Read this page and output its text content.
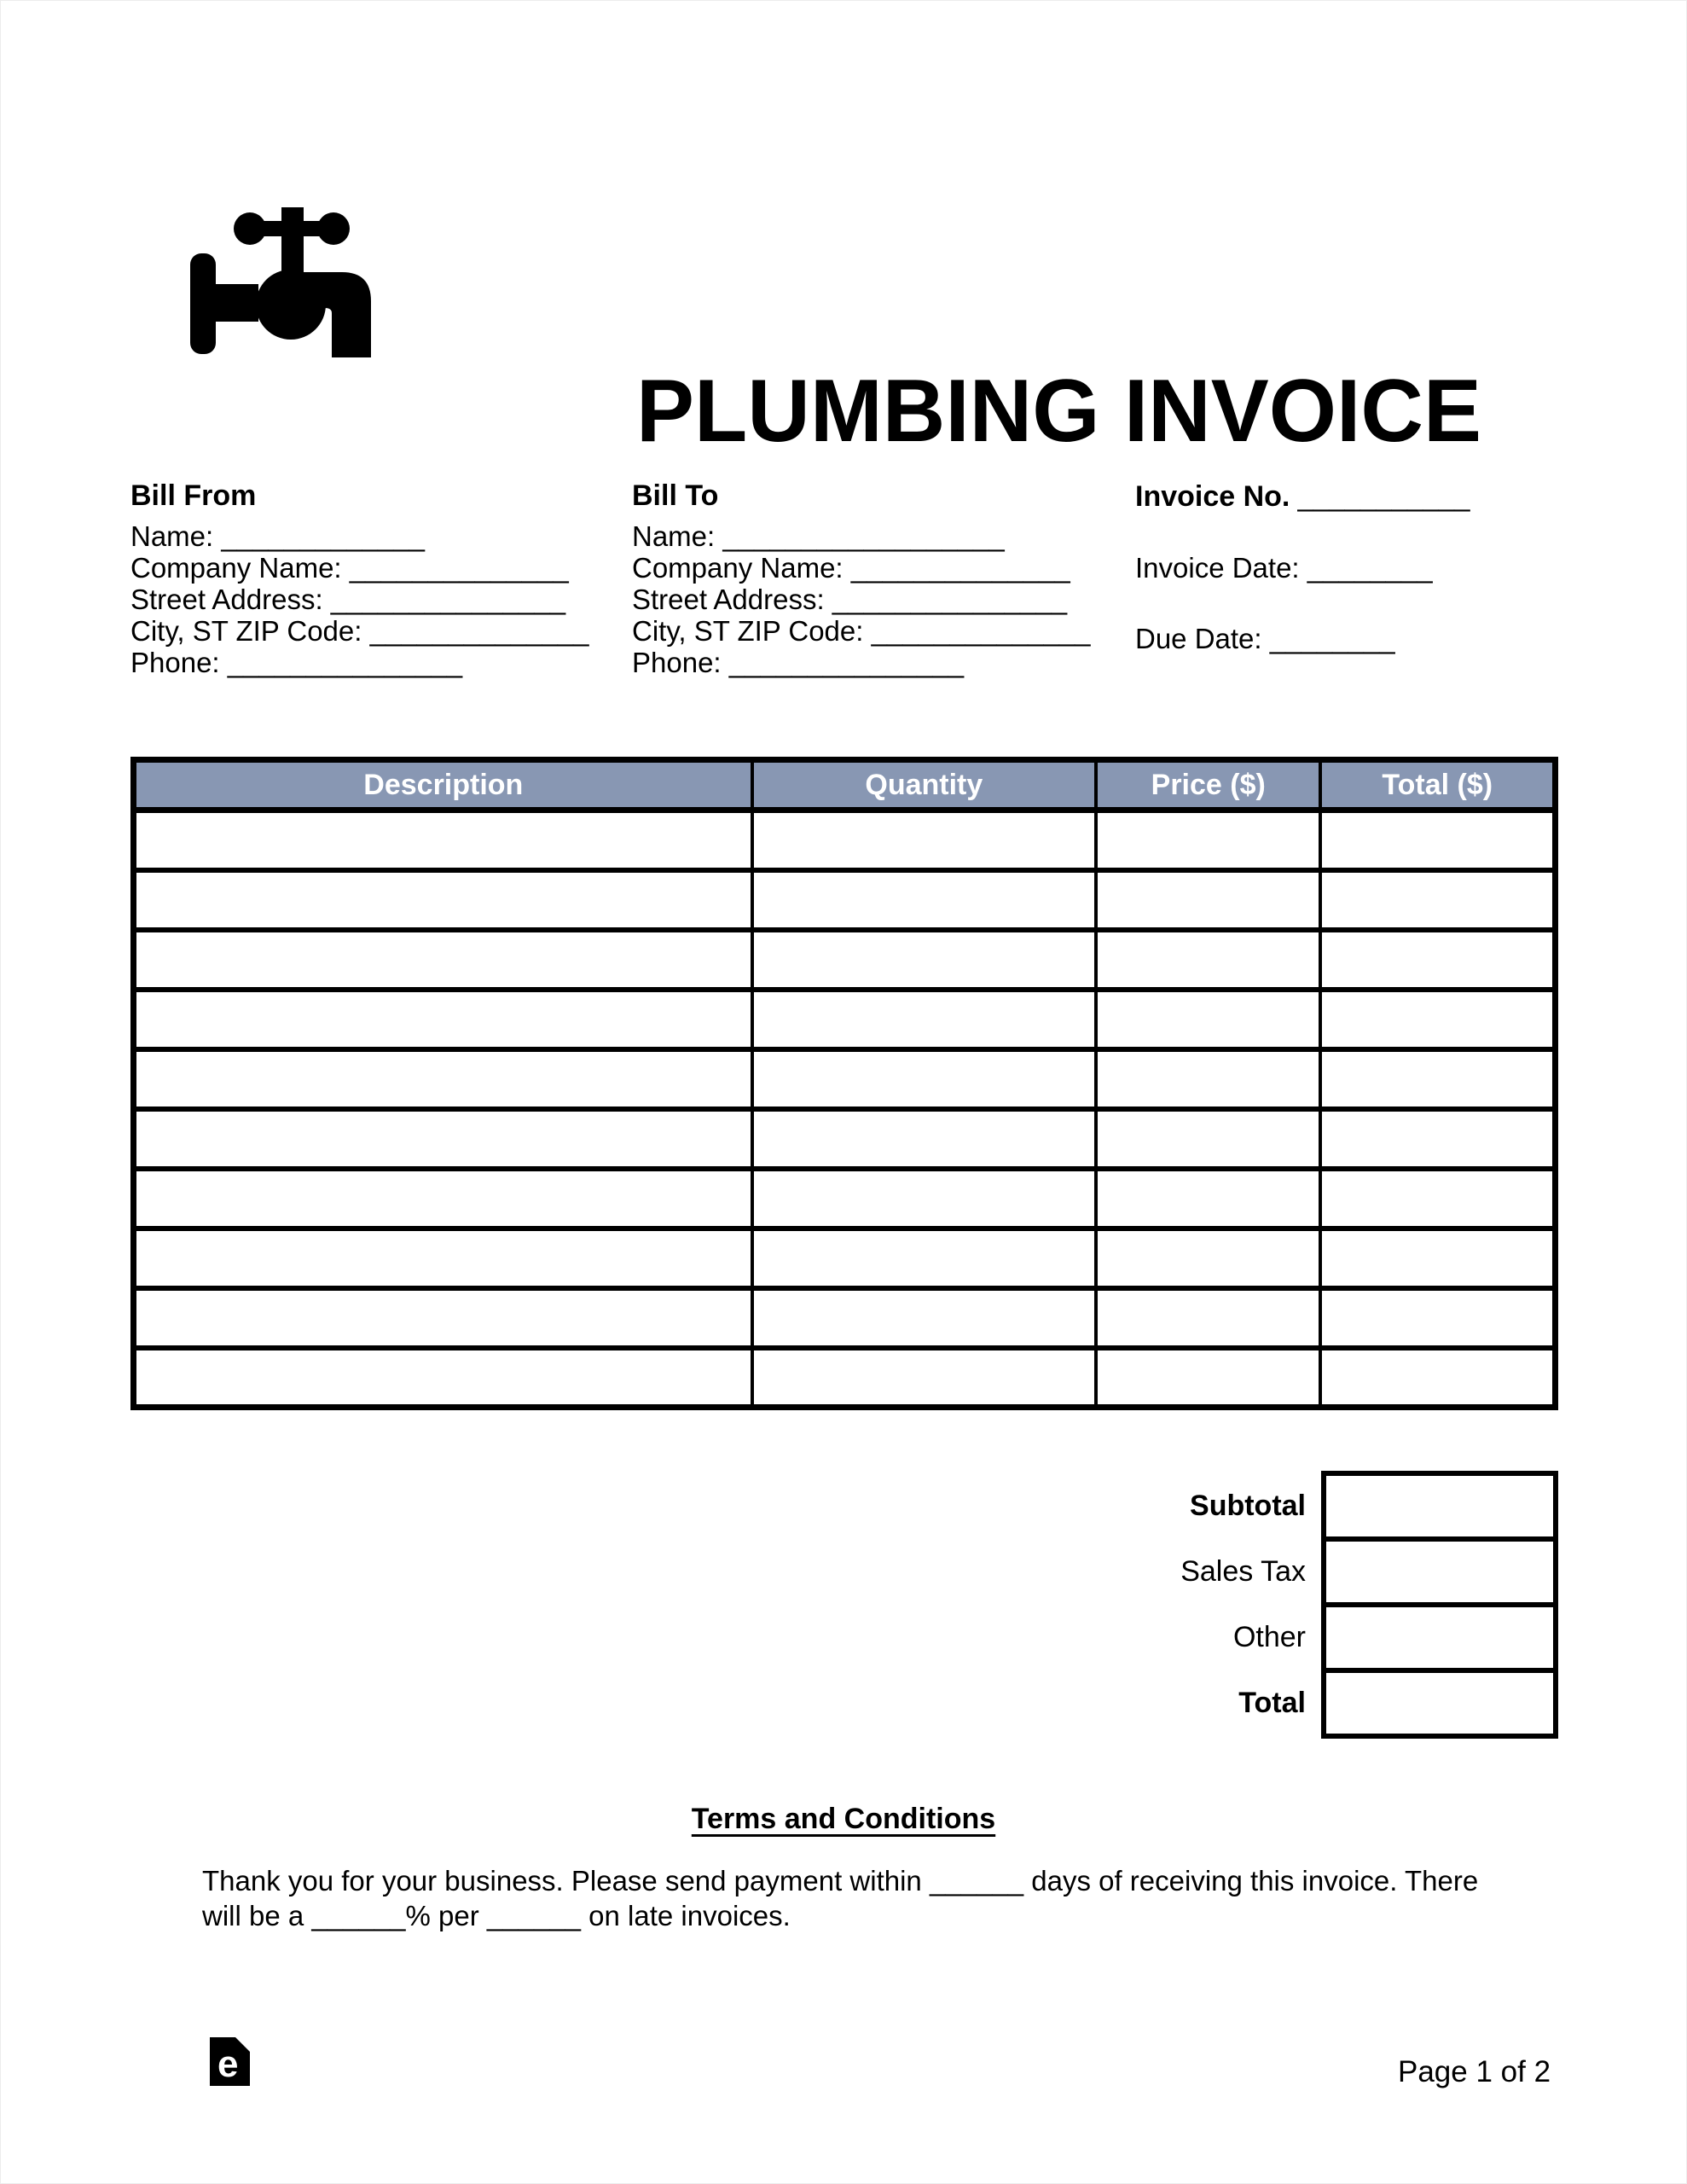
PLUMBING INVOICE
Bill From
Name: _____________
Company Name: ______________
Street Address: _______________
City, ST ZIP Code: ______________
Phone: _______________
Bill To
Name: __________________
Company Name: ______________
Street Address: _______________
City, ST ZIP Code: ______________
Phone: _______________
Invoice No. ___________
Invoice Date: ________
Due Date: ________
Description	Quantity	Price ($)	Total ($)

Subtotal
Sales Tax
Other
Total
Terms and Conditions
Thank you for your business. Please send payment within ______ days of receiving this invoice. There will be a ______% per ______ on late invoices.
e	Page 1 of 2
